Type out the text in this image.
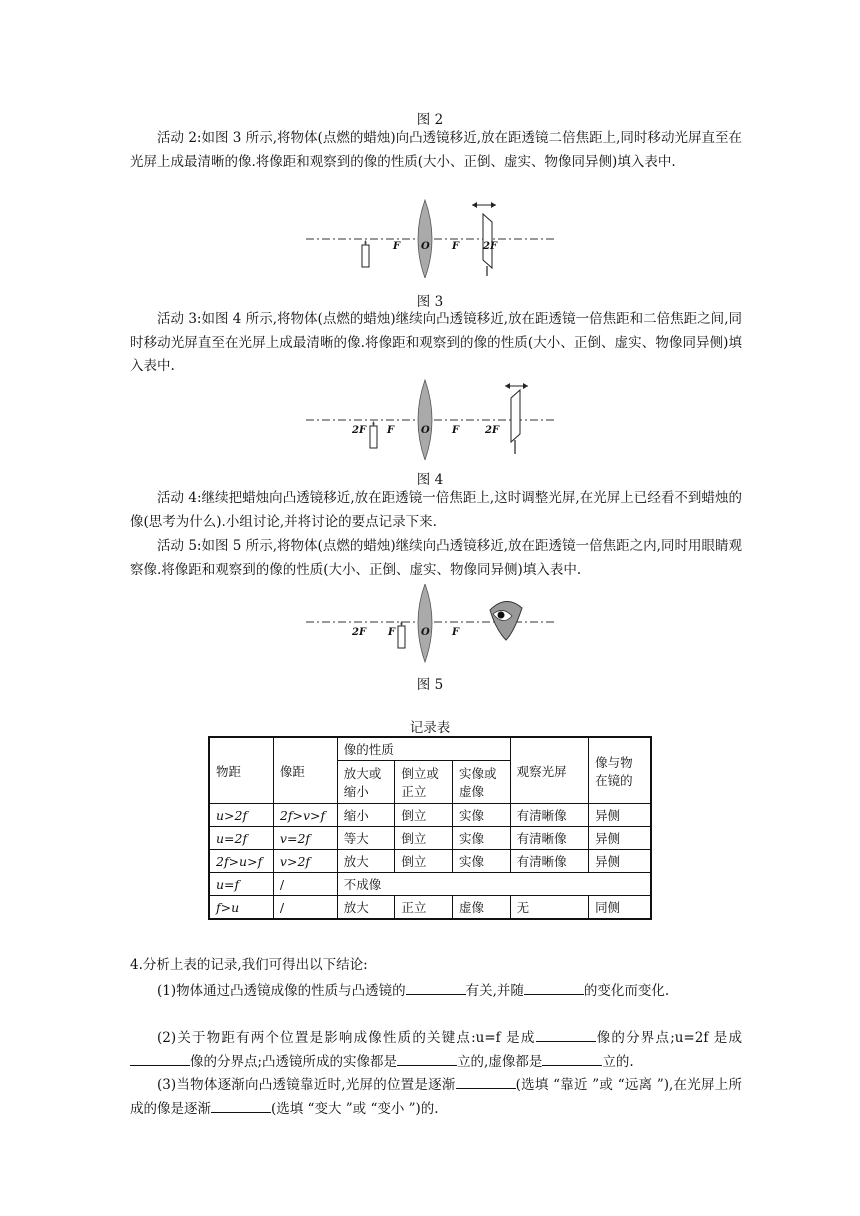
图 2
活动 2:如图 3 所示,将物体(点燃的蜡烛)向凸透镜移近,放在距透镜二倍焦距上,同时移动光屏直至在光屏上成最清晰的像.将像距和观察到的像的性质(大小、正倒、虚实、物像同异侧)填入表中.
F O F 2F
图 3
活动 3:如图 4 所示,将物体(点燃的蜡烛)继续向凸透镜移近,放在距透镜一倍焦距和二倍焦距之间,同时移动光屏直至在光屏上成最清晰的像.将像距和观察到的像的性质(大小、正倒、虚实、物像同异侧)填入表中.
2F F	O F	2F
图 4
活动 4:继续把蜡烛向凸透镜移近,放在距透镜一倍焦距上,这时调整光屏,在光屏上已经看不到蜡烛的像(思考为什么).小组讨论,并将讨论的要点记录下来.
活动 5:如图 5 所示,将物体(点燃的蜡烛)继续向凸透镜移近,放在距透镜一倍焦距之内,同时用眼睛观察像.将像距和观察到的像的性质(大小、正倒、虚实、物像同异侧)填入表中.
2F F	O F
图 5
记录表
物距	像距	像的性质			观察光屏	像与物在镜的
		放大或缩小	倒立或正立	实像或虚像		
u>2f	2f>v>f	缩小	倒立	实像	有清晰像	异侧
u=2f	v=2f	等大	倒立	实像	有清晰像	异侧
2f>u>f	v>2f	放大	倒立	实像	有清晰像	异侧
u=f	/	不成像				
f>u	/	放大	正立	虚像	无	同侧
4.分析上表的记录,我们可得出以下结论:
(1)物体通过凸透镜成像的性质与凸透镜的	有关,并随	的变化而变化.
(2)关于物距有两个位置是影响成像性质的关键点:u=f 是成	像的分界点;u=2f 是成像的分界点;凸透镜所成的实像都是	立的,虚像都是	立的.
(3)当物体逐渐向凸透镜靠近时,光屏的位置是逐渐	(选填 “靠近 ”或 “远离 ”),在光屏上所成的像是逐渐	(选填 “变大 ”或 “变小 ”)的.
